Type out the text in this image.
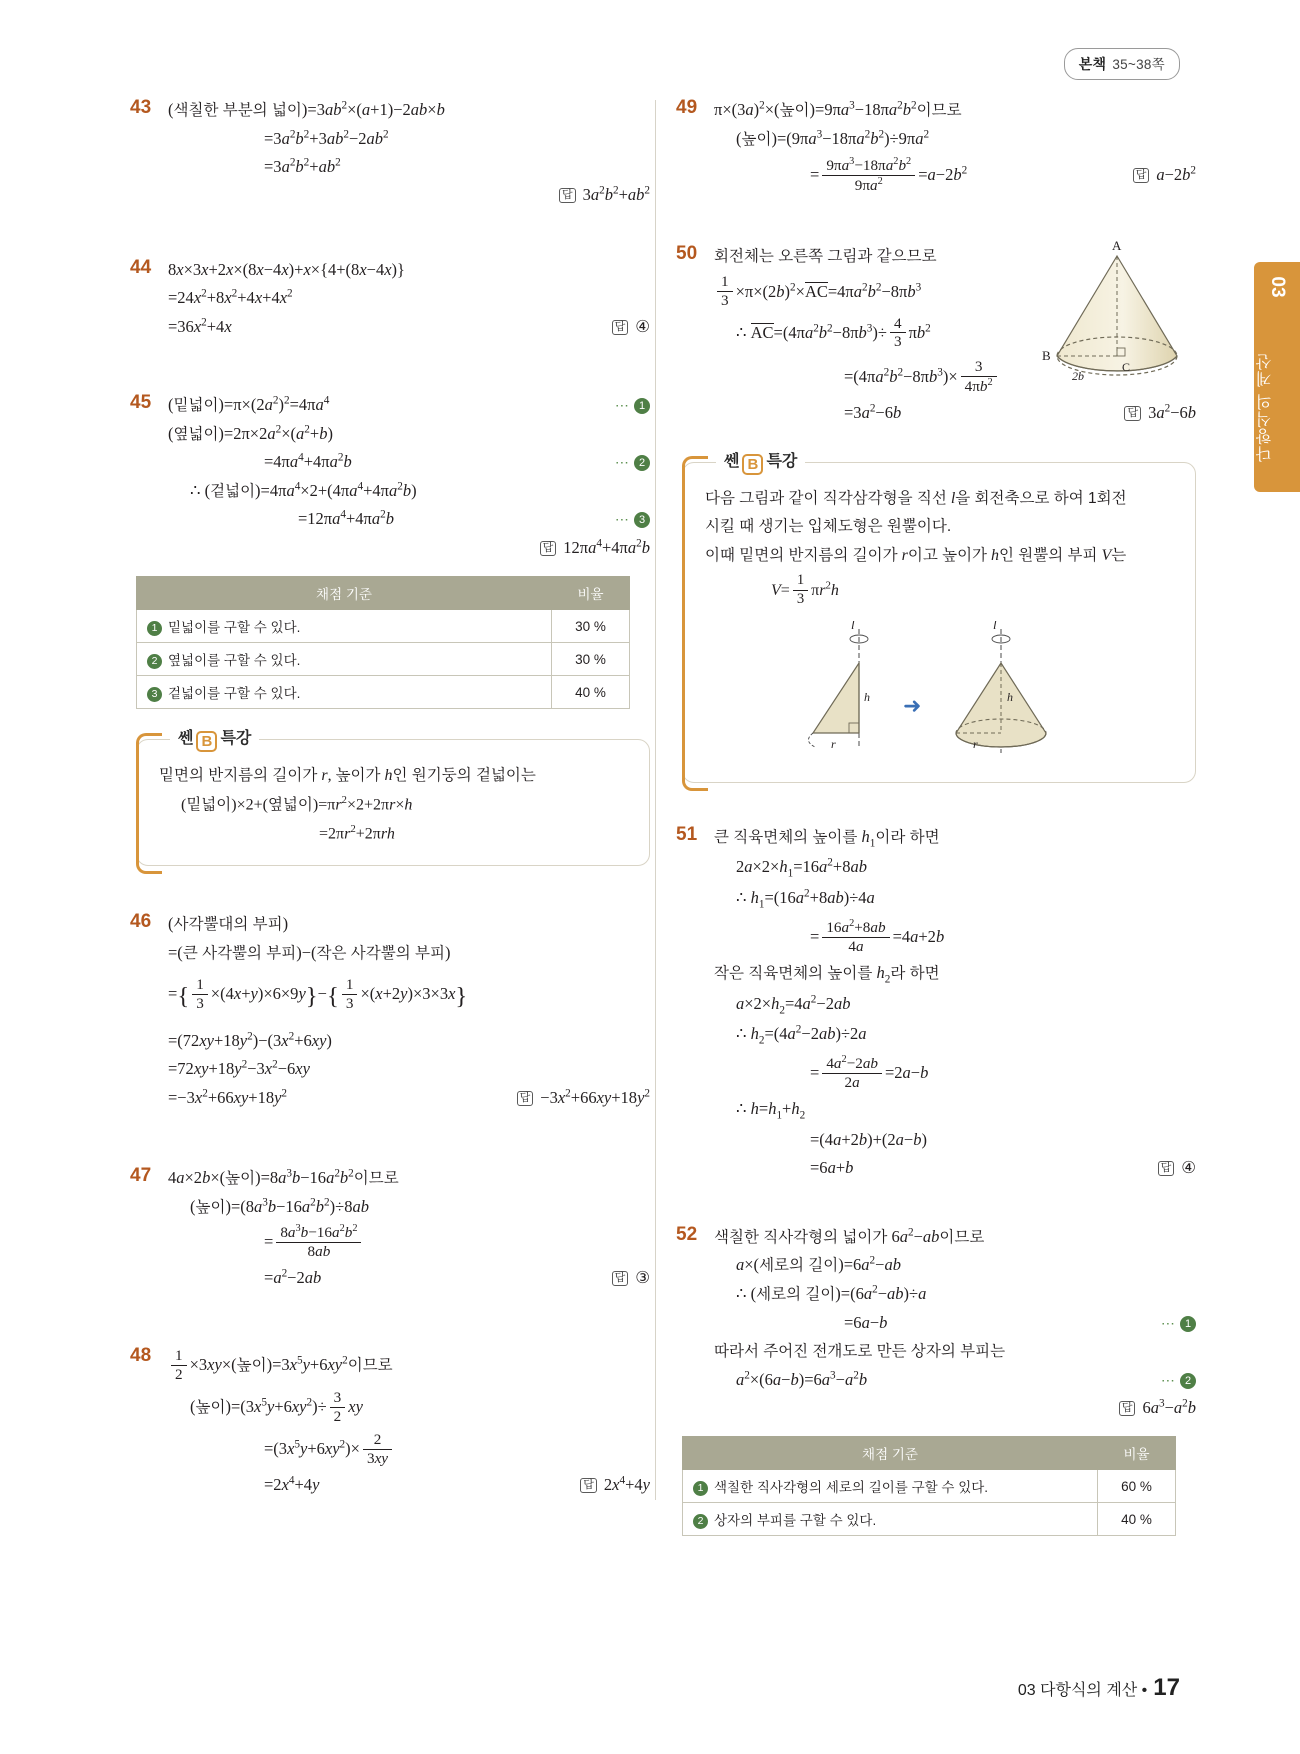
본책 35~38쪽
03
다항식의 계산
43	(색칠한 부분의 넓이)$=3ab^2\times(a+1)-2ab\times b$
$=3a^2b^2+3ab^2-2ab^2$
$=3a^2b^2+ab^2$
답 $3a^2b^2+ab^2$
44	8x×3x+2x×(8x−4x)+x×{4+(8x−4x)}
$=24x^2+8x^2+4x+4x^2$
$=36x^2+4x$	답 ④
45	(밑넓이)$=\pi\times(2a^2)^2=4\pi a^4$	⋯ 1
(옆넓이)$=2\pi\times 2a^2\times(a^2+b)$
$=4\pi a^4+4\pi a^2b$	⋯ 2
∴ (겉넓이)$=4\pi a^4\times 2+(4\pi a^4+4\pi a^2b)$
$=12\pi a^4+4\pi a^2b$	⋯ 3
답 $12\pi a^4+4\pi a^2b$
채점 기준	비율
1 밑넓이를 구할 수 있다.	30 %
2 옆넓이를 구할 수 있다.	30 %
3 겉넓이를 구할 수 있다.	40 %
쎈 B 특강
밑면의 반지름의 길이가 r, 높이가 h인 원기둥의 겉넓이는
(밑넓이)×2+(옆넓이)$=\pi r^2\times 2+2\pi r\times h$
$=2\pi r^2+2\pi rh$
46	(사각뿔대의 부피)
=(큰 사각뿔의 부피)−(작은 사각뿔의 부피)
={ $\frac{1}{3} \times(4x+y)\times 6\times 9y\}-\{ \frac{1}{3} \times(x+2y)\times 3\times 3x\}$
$=(72xy+18y^2)-(3x^2+6xy)$
$=72xy+18y^2-3x^2-6xy$
$=-3x^2+66xy+18y^2$	답 $-3x^2+66xy+18y^2$
47	4a×2b×(높이)$=8a^3b-16a^2b^2$이므로
(높이)$=(8a^3b-16a^2b^2)\div 8ab$
= $\frac{8a^3b-16a^2b^2}{8ab}$
$=a^2-2ab$	답 ③
48	$\frac{1}{2} \times 3xy\times$(높이)$=3x^5y+6xy^2$이므로
(높이)$=(3x^5y+6xy^2)\div \frac{3}{2}$ xy
$=(3x^5y+6xy^2)\times \frac{2}{3xy}$
$=2x^4+4y$	답 $2x^4+4y$
49	$\pi\times(3a)^2\times$(높이)$=9\pi a^3-18\pi a^2b^2$이므로
(높이)$=(9\pi a^3-18\pi a^2b^2)\div 9\pi a^2$
= $\frac{9\pi a^3-18\pi a^2b^2}{9\pi a^2} =a-2b^2$	답 $a-2b^2$
50	회전체는 오른쪽 그림과 같으므로
A
B
C
2b
$\frac{1}{3} \times\pi\times(2b)^2\times AC=4\pi a^2b^2-8\pi b^3$
∴ $AC=(4\pi a^2b^2-8\pi b^3)\div \frac{4}{3} \pi b^2$
$=(4\pi a^2b^2-8\pi b^3)\times \frac{3}{4\pi b^2}$
$=3a^2-6b$	답 $3a^2-6b$
쎈 B 특강
다음 그림과 같이 직각삼각형을 직선 l을 회전축으로 하여 1회전
시킬 때 생기는 입체도형은 원뿔이다.
이때 밑면의 반지름의 길이가 r이고 높이가 h인 원뿔의 부피 V는
$V= \frac{1}{3} \pi r^2h$
l
h
r
➜
l
h
r
51	큰 직육면체의 높이를 $h_1$이라 하면
$2a\times 2\times h_1=16a^2+8ab$
∴ $h_1=(16a^2+8ab)\div 4a$
= $\frac{16a^2+8ab}{4a} =4a+2b$
작은 직육면체의 높이를 $h_2$라 하면
$a\times 2\times h_2=4a^2-2ab$
∴ $h_2=(4a^2-2ab)\div 2a$
= $\frac{4a^2-2ab}{2a} =2a-b$
∴ $h=h_1+h_2$
=(4a+2b)+(2a−b)
=6a+b	답 ④
52	색칠한 직사각형의 넓이가 $6a^2-ab$이므로
a×(세로의 길이)$=6a^2-ab$
∴ (세로의 길이)$=(6a^2-ab)\div a$
=6a−b	⋯ 1
따라서 주어진 전개도로 만든 상자의 부피는
$a^2\times(6a-b)=6a^3-a^2b$	⋯ 2
답 $6a^3-a^2b$
채점 기준	비율
1 색칠한 직사각형의 세로의 길이를 구할 수 있다.	60 %
2 상자의 부피를 구할 수 있다.	40 %
03 다항식의 계산 • 17
